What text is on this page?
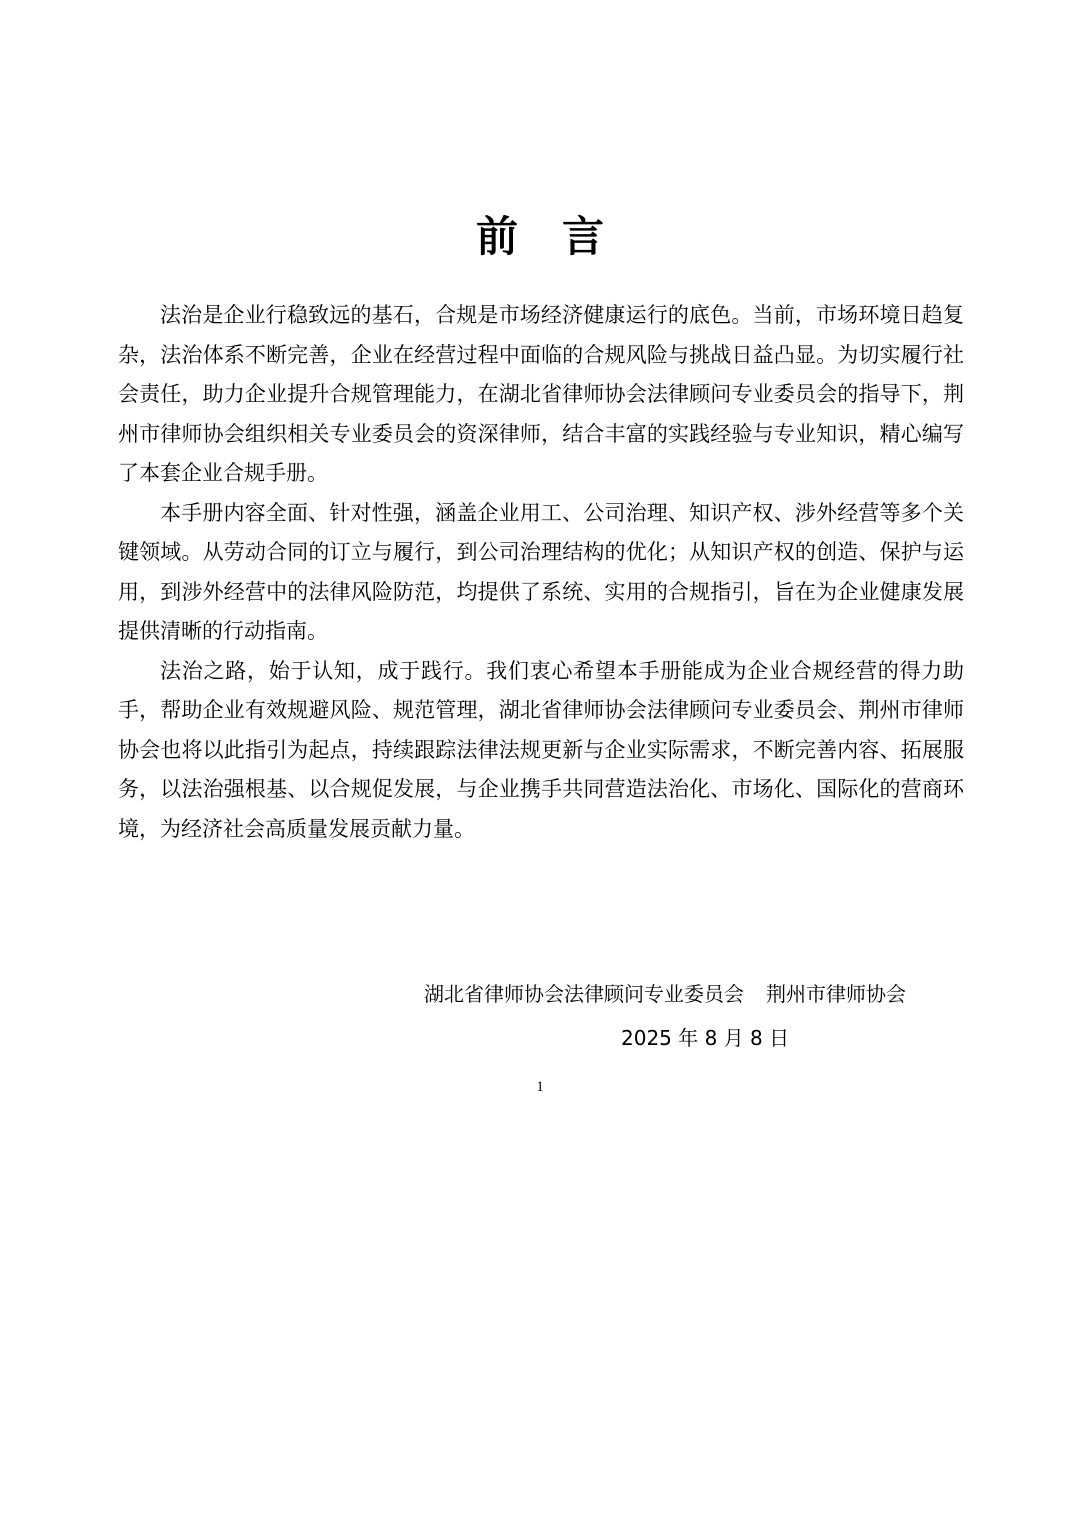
前 言

法治是企业行稳致远的基石，合规是市场经济健康运行的底色。当前，市场环境日趋复杂，法治体系不断完善，企业在经营过程中面临的合规风险与挑战日益凸显。为切实履行社会责任，助力企业提升合规管理能力，在湖北省律师协会法律顾问专业委员会的指导下，荆州市律师协会组织相关专业委员会的资深律师，结合丰富的实践经验与专业知识，精心编写了本套企业合规手册。

本手册内容全面、针对性强，涵盖企业用工、公司治理、知识产权、涉外经营等多个关键领域。从劳动合同的订立与履行，到公司治理结构的优化；从知识产权的创造、保护与运用，到涉外经营中的法律风险防范，均提供了系统、实用的合规指引，旨在为企业健康发展提供清晰的行动指南。

法治之路，始于认知，成于践行。我们衷心希望本手册能成为企业合规经营的得力助手，帮助企业有效规避风险、规范管理，湖北省律师协会法律顾问专业委员会、荆州市律师协会也将以此指引为起点，持续跟踪法律法规更新与企业实际需求，不断完善内容、拓展服务，以法治强根基、以合规促发展，与企业携手共同营造法治化、市场化、国际化的营商环境，为经济社会高质量发展贡献力量。

湖北省律师协会法律顾问专业委员会 荆州市律师协会
2025 年 8 月 8 日
1
